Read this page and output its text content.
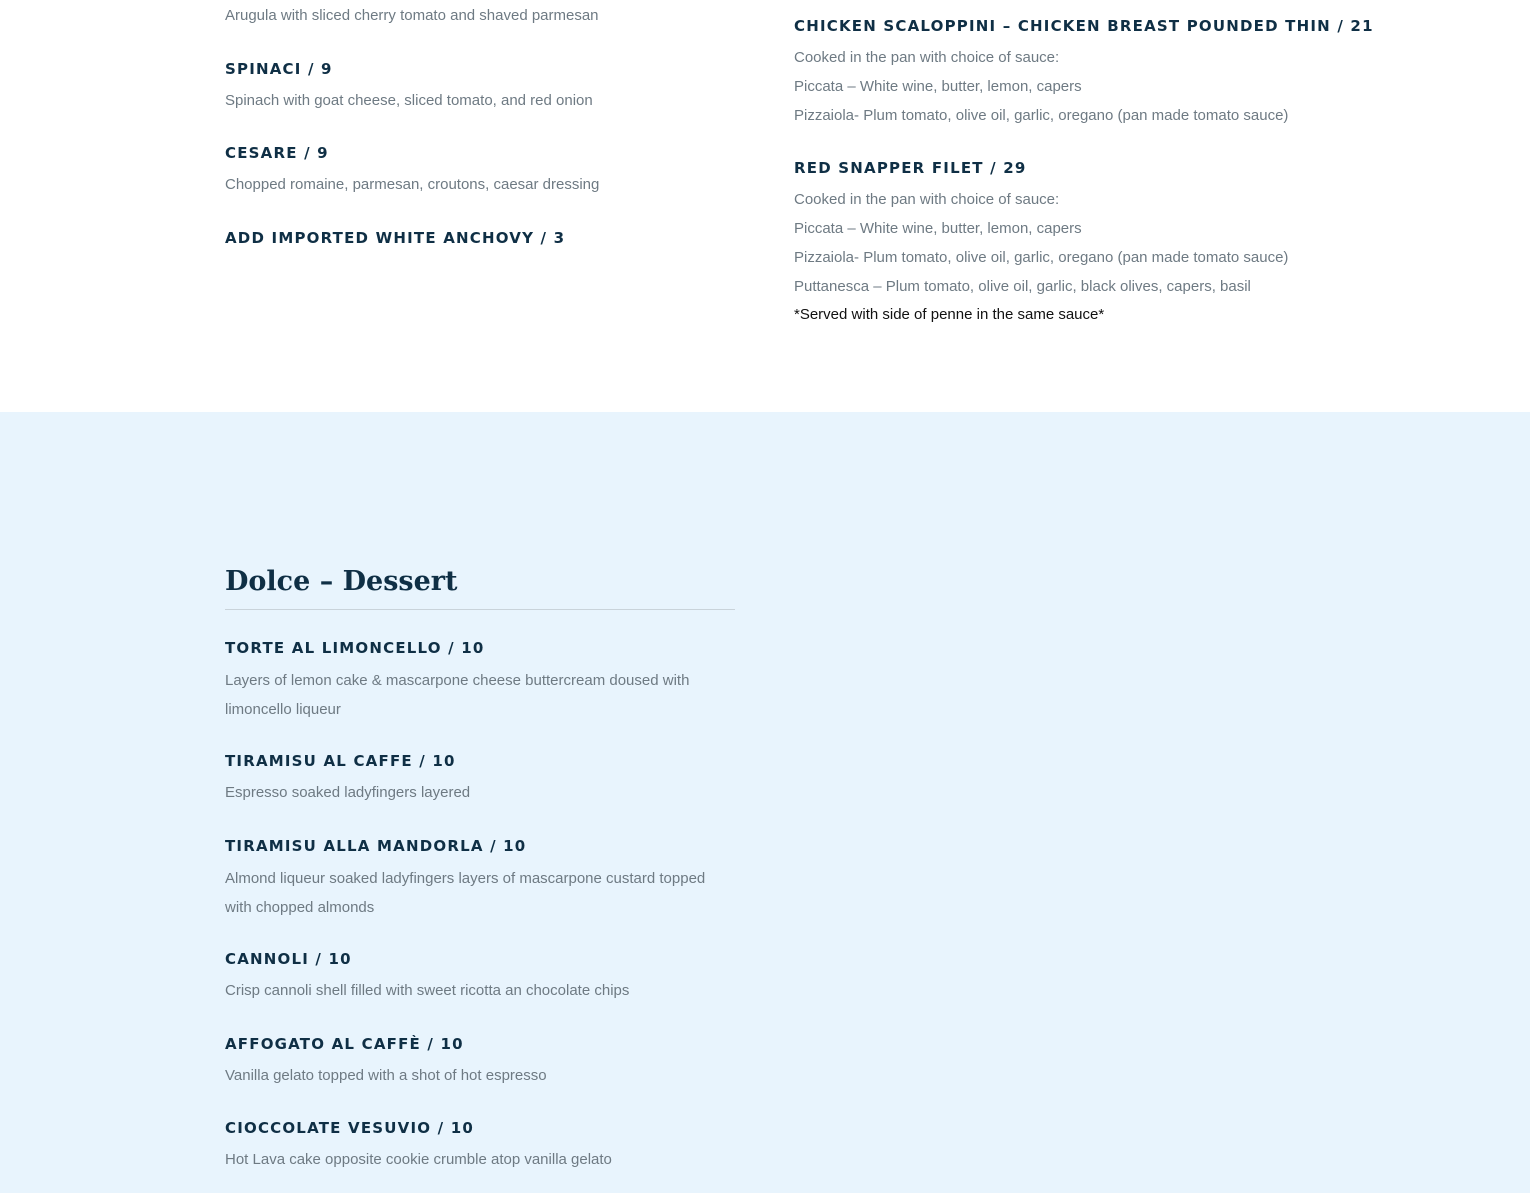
Arugula with sliced cherry tomato and shaved parmesan
SPINACI / 9
Spinach with goat cheese, sliced tomato, and red onion
CESARE / 9
Chopped romaine, parmesan, croutons, caesar dressing
ADD IMPORTED WHITE ANCHOVY / 3
CHICKEN SCALOPPINI – CHICKEN BREAST POUNDED THIN / 21
Cooked in the pan with choice of sauce:
Piccata – White wine, butter, lemon, capers
Pizzaiola- Plum tomato, olive oil, garlic, oregano (pan made tomato sauce)
RED SNAPPER FILET / 29
Cooked in the pan with choice of sauce:
Piccata – White wine, butter, lemon, capers
Pizzaiola- Plum tomato, olive oil, garlic, oregano (pan made tomato sauce)
Puttanesca – Plum tomato, olive oil, garlic, black olives, capers, basil
*Served with side of penne in the same sauce*
Dolce – Dessert
TORTE AL LIMONCELLO / 10
Layers of lemon cake & mascarpone cheese buttercream doused with limoncello liqueur
TIRAMISU AL CAFFE / 10
Espresso soaked ladyfingers layered
TIRAMISU ALLA MANDORLA / 10
Almond liqueur soaked ladyfingers layers of mascarpone custard topped with chopped almonds
CANNOLI / 10
Crisp cannoli shell filled with sweet ricotta an chocolate chips
AFFOGATO AL CAFFÈ / 10
Vanilla gelato topped with a shot of hot espresso
CIOCCOLATE VESUVIO / 10
Hot Lava cake opposite cookie crumble atop vanilla gelato
